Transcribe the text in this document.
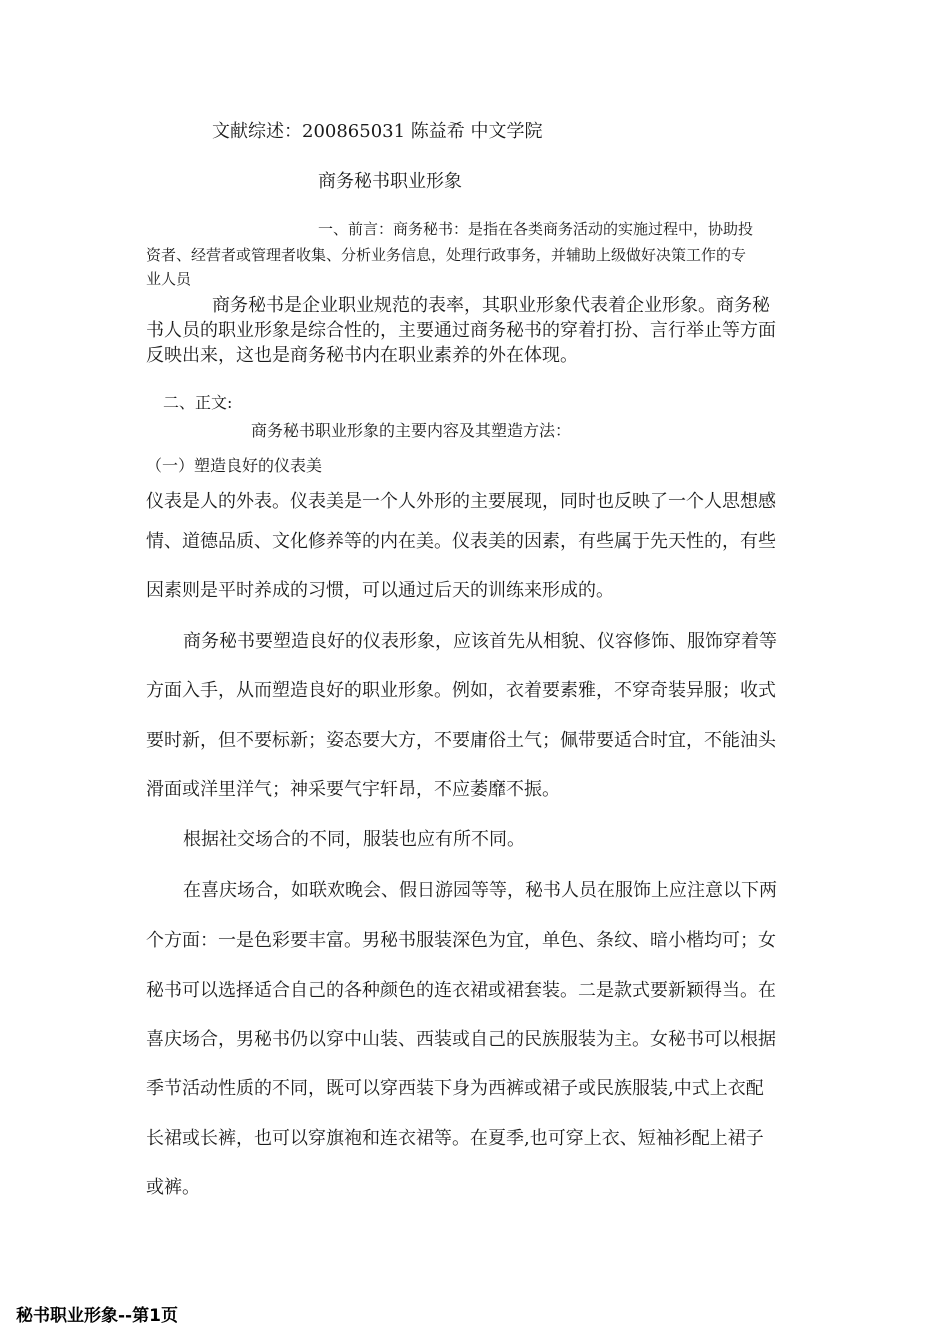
文献综述：200865031 陈益希 中文学院

商务秘书职业形象

一、前言：商务秘书：是指在各类商务活动的实施过程中，协助投

资者、经营者或管理者收集、分析业务信息，处理行政事务，并辅助上级做好决策工作的专

业人员

商务秘书是企业职业规范的表率，其职业形象代表着企业形象。商务秘

书人员的职业形象是综合性的，主要通过商务秘书的穿着打扮、言行举止等方面

反映出来，这也是商务秘书内在职业素养的外在体现。

二、正文:

商务秘书职业形象的主要内容及其塑造方法：

（一）塑造良好的仪表美

仪表是人的外表。仪表美是一个人外形的主要展现，同时也反映了一个人思想感

情、道德品质、文化修养等的内在美。仪表美的因素，有些属于先天性的，有些

因素则是平时养成的习惯，可以通过后天的训练来形成的。

商务秘书要塑造良好的仪表形象，应该首先从相貌、仪容修饰、服饰穿着等

方面入手，从而塑造良好的职业形象。例如，衣着要素雅，不穿奇装异服；收式

要时新，但不要标新；姿态要大方，不要庸俗土气；佩带要适合时宜，不能油头

滑面或洋里洋气；神采要气宇轩昂，不应萎靡不振。

根据社交场合的不同，服装也应有所不同。

在喜庆场合，如联欢晚会、假日游园等等，秘书人员在服饰上应注意以下两

个方面：一是色彩要丰富。男秘书服装深色为宜，单色、条纹、暗小楷均可；女

秘书可以选择适合自己的各种颜色的连衣裙或裙套装。二是款式要新颖得当。在

喜庆场合，男秘书仍以穿中山装、西装或自己的民族服装为主。女秘书可以根据

季节活动性质的不同，既可以穿西装下身为西裤或裙子或民族服装,中式上衣配

长裙或长裤，也可以穿旗袍和连衣裙等。在夏季,也可穿上衣、短袖衫配上裙子

或裤。

秘书职业形象--第1页
